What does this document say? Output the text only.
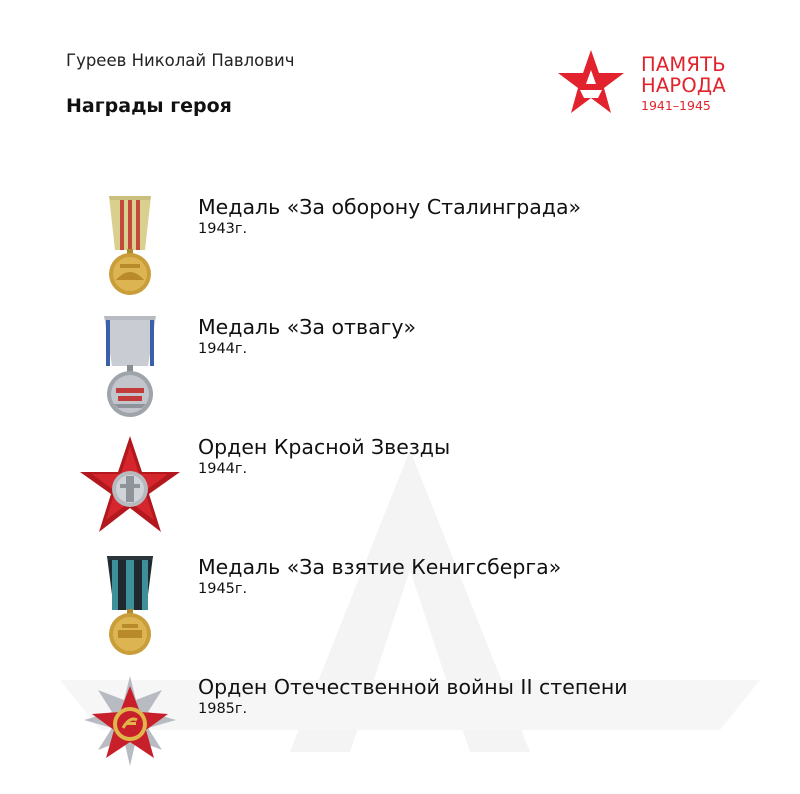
Гуреев Николай Павлович
Награды героя
ПАМЯТЬ
НАРОДА
1941–1945
Медаль «За оборону Сталинграда»
1943г.
Медаль «За отвагу»
1944г.
Орден Красной Звезды
1944г.
Медаль «За взятие Кенигсберга»
1945г.
Орден Отечественной войны II степени
1985г.
